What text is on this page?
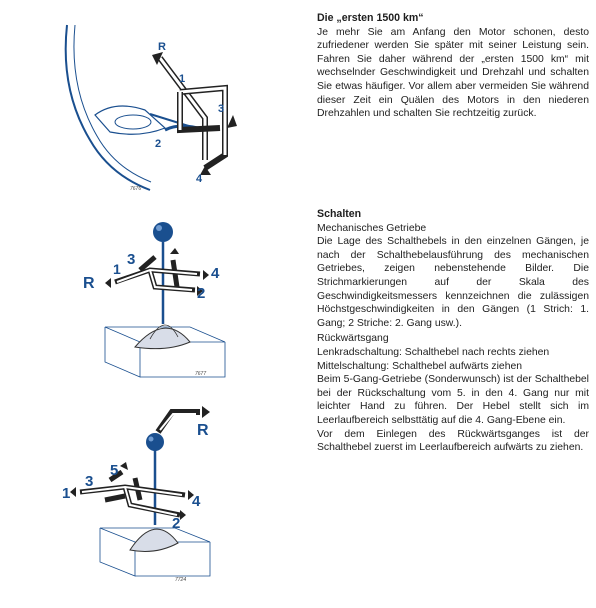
R
1
2
3
4
7676
R
1
2
3
4
7677
R
1
2
3
4
5
7724

Die „ersten 1500 km“

Je mehr Sie am Anfang den Motor schonen, desto zufriedener werden Sie später mit seiner Leistung sein. Fahren Sie daher während der „ersten 1500 km“ mit wechselnder Geschwindigkeit und Drehzahl und schalten Sie etwas häufiger. Vor allem aber vermeiden Sie während dieser Zeit ein Quälen des Motors in den niederen Drehzahlen und schalten Sie rechtzeitig zurück.

Schalten

Mechanisches Getriebe

Die Lage des Schalthebels in den einzelnen Gängen, je nach der Schalthebelausführung des mechanischen Getriebes, zeigen nebenstehende Bilder. Die Strichmarkierungen auf der Skala des Geschwindigkeitsmessers kennzeichnen die zulässigen Höchstgeschwindigkeiten in den Gängen (1 Strich: 1. Gang; 2 Striche: 2. Gang usw.).

Rückwärtsgang

Lenkradschaltung: Schalthebel nach rechts ziehen

Mittelschaltung: Schalthebel aufwärts ziehen

Beim 5-Gang-Getriebe (Sonderwunsch) ist der Schalthebel bei der Rückschaltung vom 5. in den 4. Gang nur mit leichter Hand zu führen. Der Hebel stellt sich im Leerlaufbereich selbsttätig auf die 4. Gang-Ebene ein.

Vor dem Einlegen des Rückwärtsganges ist der Schalthebel zuerst im Leerlaufbereich aufwärts zu ziehen.
